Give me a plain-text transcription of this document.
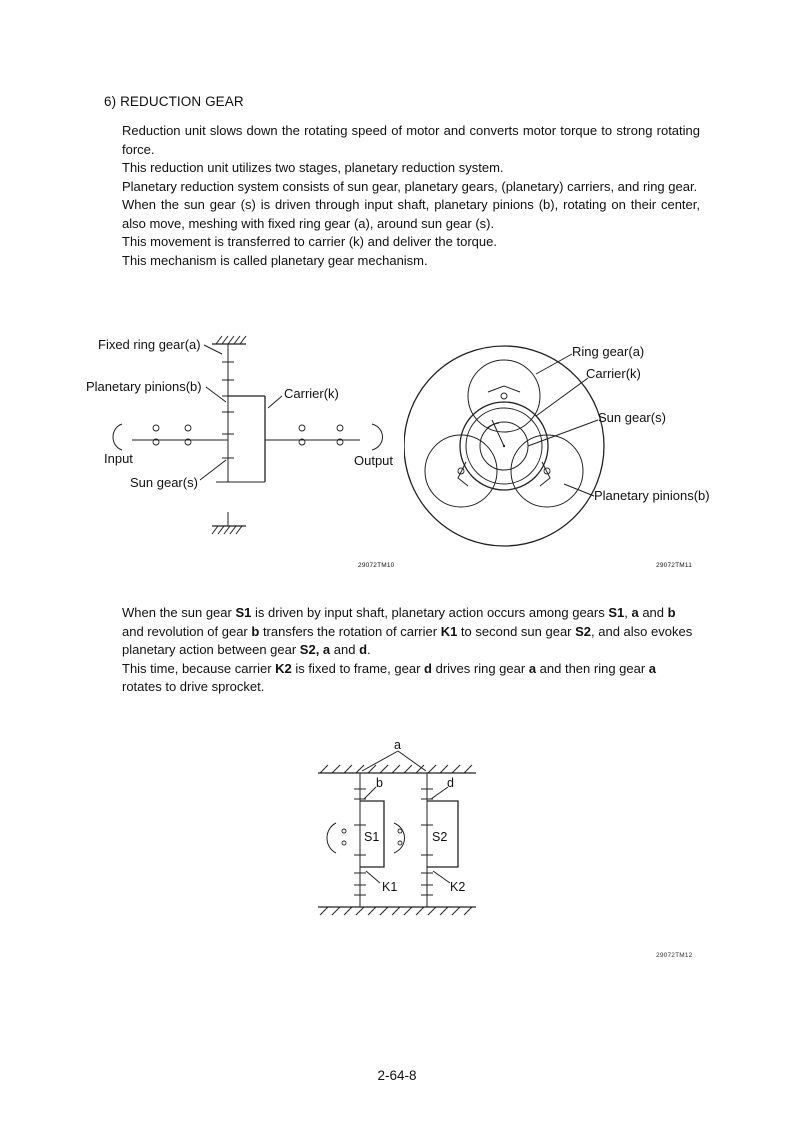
6) REDUCTION GEAR

Reduction unit slows down the rotating speed of motor and converts motor torque to strong rotating force.

This reduction unit utilizes two stages, planetary reduction system.

Planetary reduction system consists of sun gear, planetary gears, (planetary) carriers, and ring gear.

When the sun gear (s) is driven through input shaft, planetary pinions (b), rotating on their center, also move, meshing with fixed ring gear (a), around sun gear (s).

This movement is transferred to carrier (k) and deliver the torque.

This mechanism is called planetary gear mechanism.

Fixed ring gear(a)
Planetary pinions(b)	Carrier(k)
Input	Output
Sun gear(s)
29072TM10
Ring gear(a)
Carrier(k)
Sun gear(s)
Planetary pinions(b)
29072TM11

When the sun gear S1 is driven by input shaft, planetary action occurs among gears S1, a and b

and revolution of gear b transfers the rotation of carrier K1 to second sun gear S2, and also evokes

planetary action between gear S2, a and d.

This time, because carrier K2 is fixed to frame, gear d drives ring gear a and then ring gear a

rotates to drive sprocket.

a
b	d
S1	S2
K1	K2
29072TM12
2-64-8
